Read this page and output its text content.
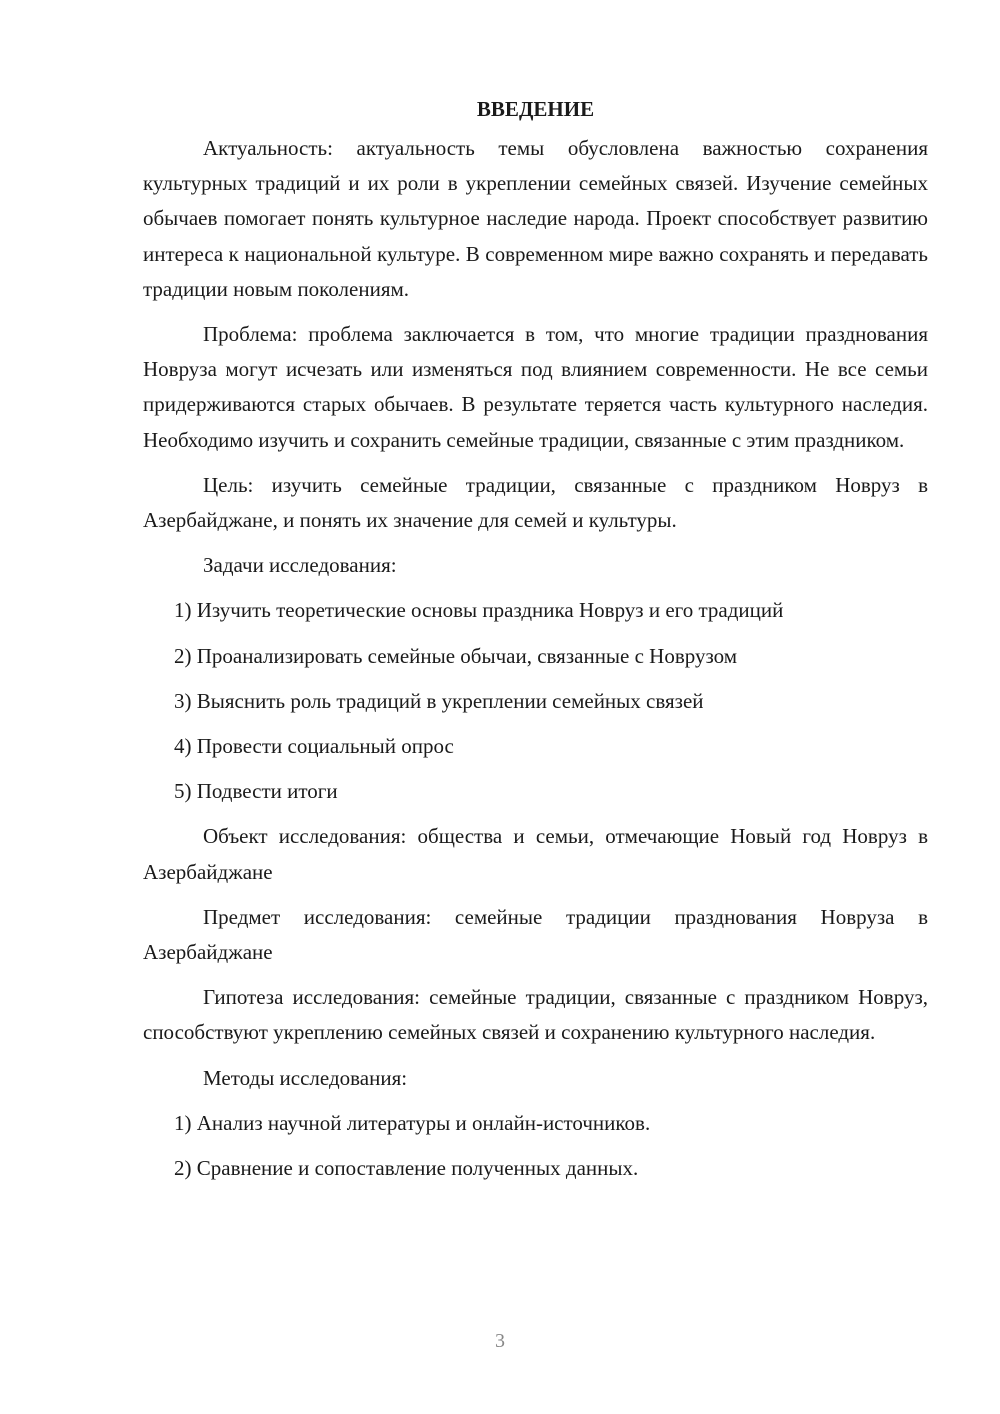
ВВЕДЕНИЕ

Актуальность: актуальность темы обусловлена важностью сохранения культурных традиций и их роли в укреплении семейных связей. Изучение семейных обычаев помогает понять культурное наследие народа. Проект способствует развитию интереса к национальной культуре. В современном мире важно сохранять и передавать традиции новым поколениям.

Проблема: проблема заключается в том, что многие традиции празднования Новруза могут исчезать или изменяться под влиянием современности. Не все семьи придерживаются старых обычаев. В результате теряется часть культурного наследия. Необходимо изучить и сохранить семейные традиции, связанные с этим праздником.

Цель: изучить семейные традиции, связанные с праздником Новруз в Азербайджане, и понять их значение для семей и культуры.

Задачи исследования:

1) Изучить теоретические основы праздника Новруз и его традиций

2) Проанализировать семейные обычаи, связанные с Новрузом

3) Выяснить роль традиций в укреплении семейных связей

4) Провести социальный опрос

5) Подвести итоги

Объект исследования: общества и семьи, отмечающие Новый год Новруз в Азербайджане

Предмет исследования: семейные традиции празднования Новруза в Азербайджане

Гипотеза исследования: семейные традиции, связанные с праздником Новруз, способствуют укреплению семейных связей и сохранению культурного наследия.

Методы исследования:

1) Анализ научной литературы и онлайн-источников.

2) Сравнение и сопоставление полученных данных.

3
